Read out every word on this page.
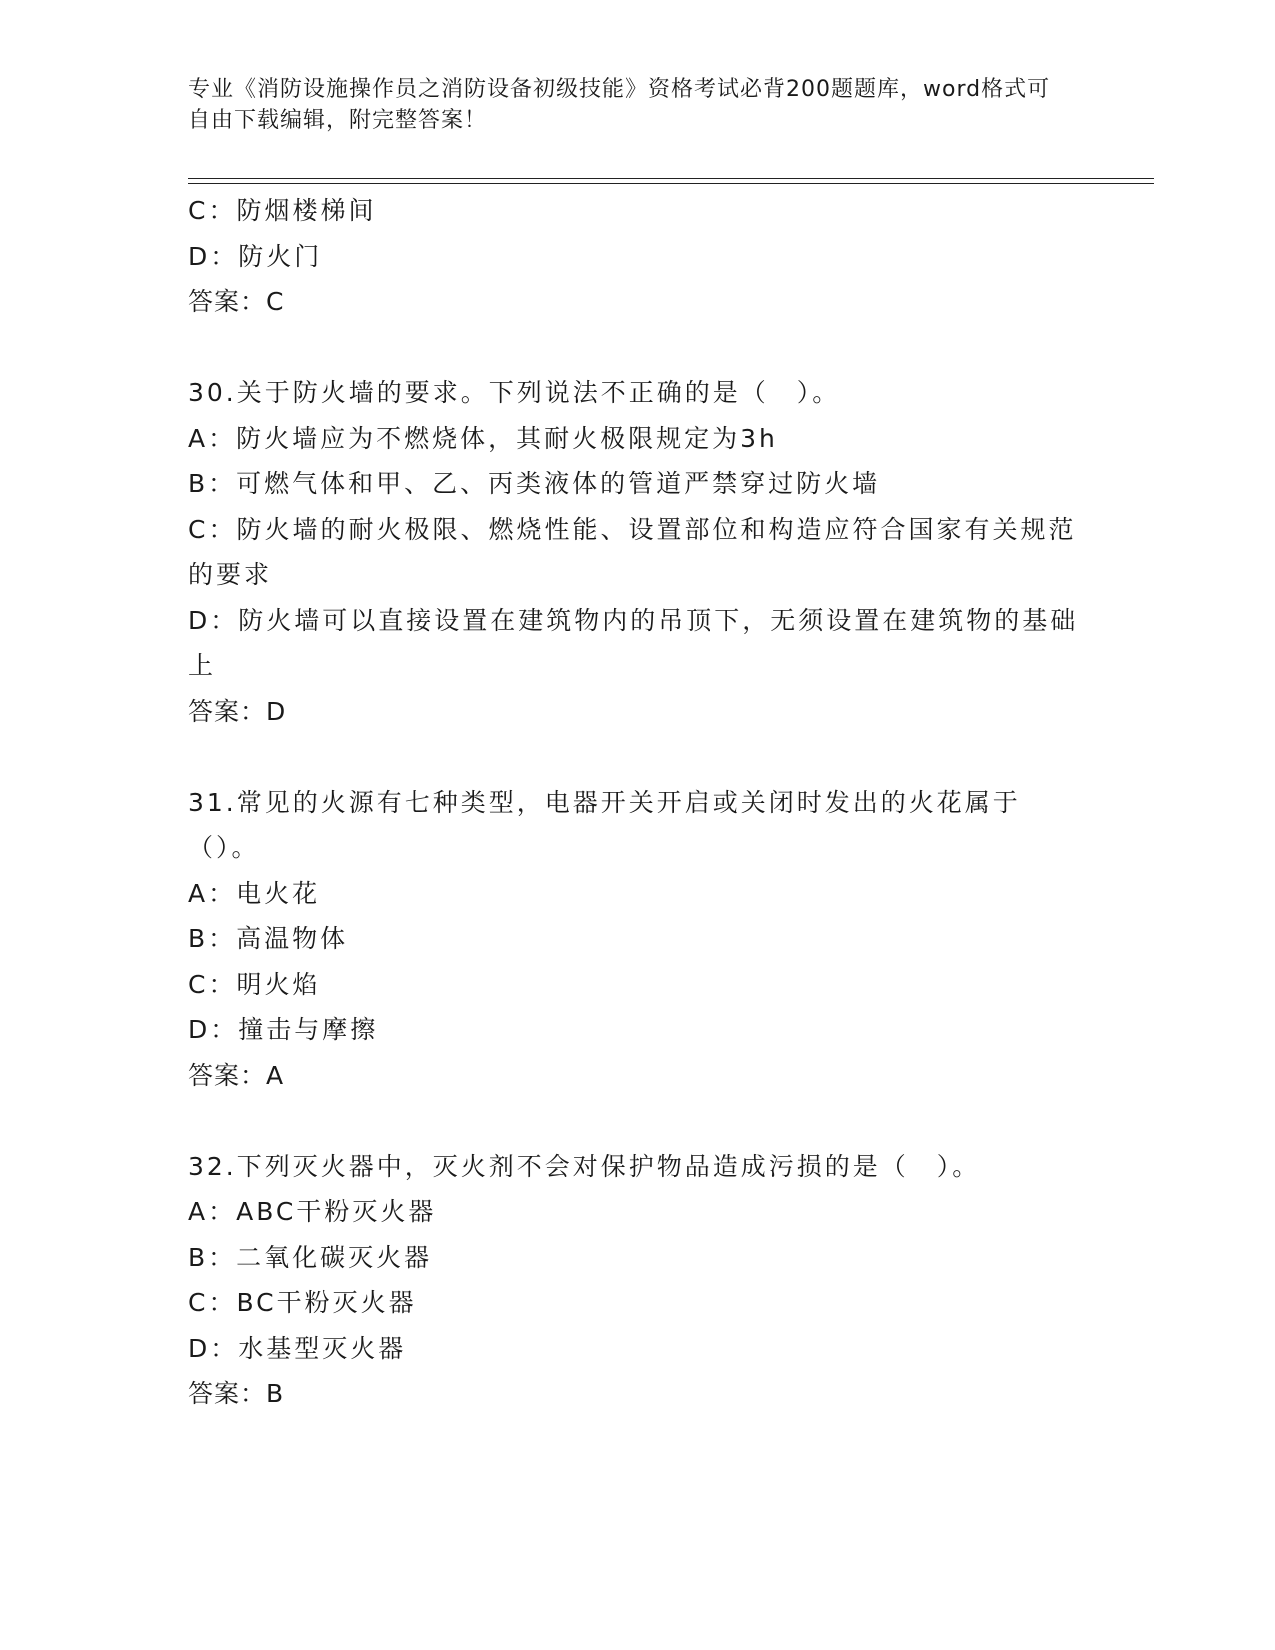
专业《消防设施操作员之消防设备初级技能》资格考试必背200题题库，word格式可自由下载编辑，附完整答案！

C：防烟楼梯间

D：防火门

答案：C

30.关于防火墙的要求。下列说法不正确的是（　）。

A：防火墙应为不燃烧体，其耐火极限规定为3h

B：可燃气体和甲、乙、丙类液体的管道严禁穿过防火墙

C：防火墙的耐火极限、燃烧性能、设置部位和构造应符合国家有关规范的要求

D：防火墙可以直接设置在建筑物内的吊顶下，无须设置在建筑物的基础上

答案：D

31.常见的火源有七种类型，电器开关开启或关闭时发出的火花属于（）。

A：电火花

B：高温物体

C：明火焰

D：撞击与摩擦

答案：A

32.下列灭火器中，灭火剂不会对保护物品造成污损的是（　）。

A：ABC干粉灭火器

B：二氧化碳灭火器

C：BC干粉灭火器

D：水基型灭火器

答案：B
